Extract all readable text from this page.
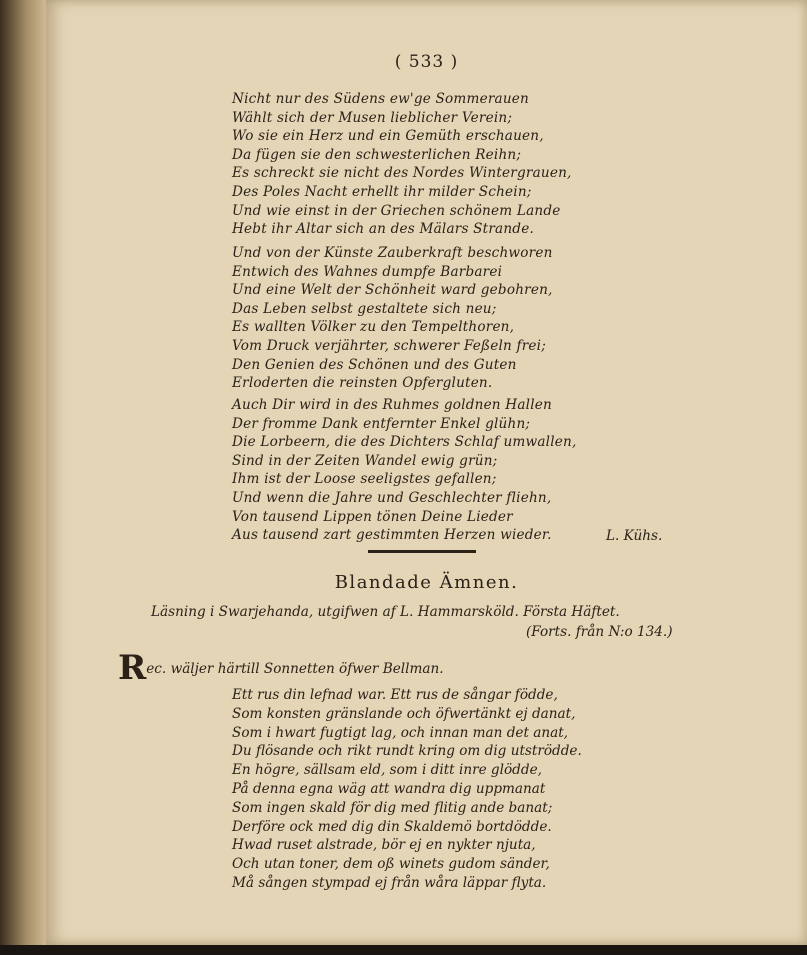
( 533 )
Nicht nur des Südens ew'ge Sommerauen
Wählt sich der Musen lieblicher Verein;
Wo sie ein Herz und ein Gemüth erschauen,
Da fügen sie den schwesterlichen Reihn;
Es schreckt sie nicht des Nordes Wintergrauen,
Des Poles Nacht erhellt ihr milder Schein;
Und wie einst in der Griechen schönem Lande
Hebt ihr Altar sich an des Mälars Strande.
Und von der Künste Zauberkraft beschworen
Entwich des Wahnes dumpfe Barbarei
Und eine Welt der Schönheit ward gebohren,
Das Leben selbst gestaltete sich neu;
Es wallten Völker zu den Tempelthoren,
Vom Druck verjährter, schwerer Feßeln frei;
Den Genien des Schönen und des Guten
Erloderten die reinsten Opfergluten.
Auch Dir wird in des Ruhmes goldnen Hallen
Der fromme Dank entfernter Enkel glühn;
Die Lorbeern, die des Dichters Schlaf umwallen,
Sind in der Zeiten Wandel ewig grün;
Ihm ist der Loose seeligstes gefallen;
Und wenn die Jahre und Geschlechter fliehn,
Von tausend Lippen tönen Deine Lieder
Aus tausend zart gestimmten Herzen wieder.	L. Kühs.
Blandade Ämnen.
Läsning i Swarjehanda, utgifwen af L. Hammarsköld. Första Häftet.
(Forts. från N:o 134.)
Rec. wäljer härtill Sonnetten öfwer Bellman.
Ett rus din lefnad war. Ett rus de sångar födde,
Som konsten gränslande och öfwertänkt ej danat,
Som i hwart fugtigt lag, och innan man det anat,
Du flösande och rikt rundt kring om dig utströdde.
En högre, sällsam eld, som i ditt inre glödde,
På denna egna wäg att wandra dig uppmanat
Som ingen skald för dig med flitig ande banat;
Derföre ock med dig din Skaldemö bortdödde.
Hwad ruset alstrade, bör ej en nykter njuta,
Och utan toner, dem oß winets gudom sänder,
Må sången stympad ej från wåra läppar flyta.
